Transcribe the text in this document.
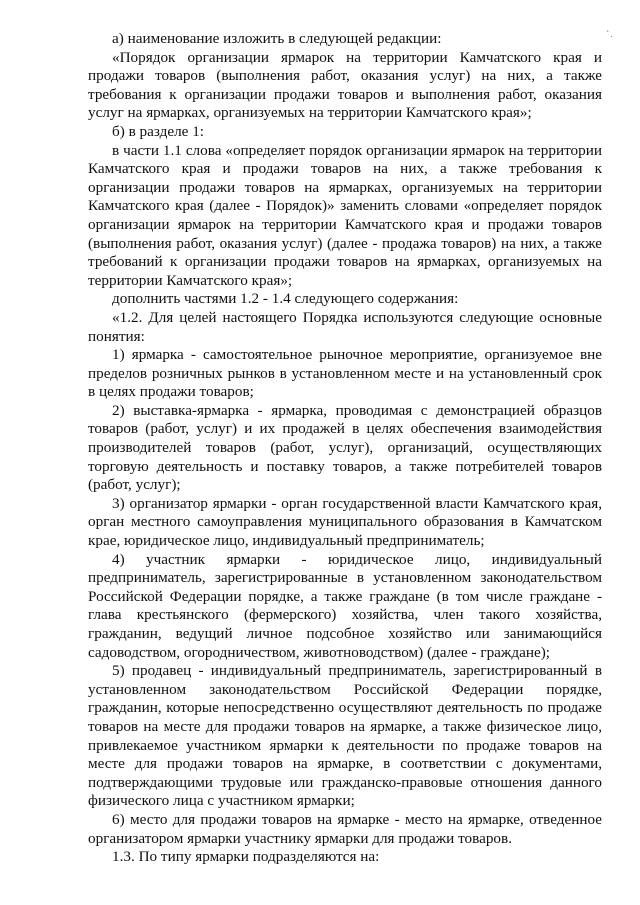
`.

а) наименование изложить в следующей редакции:

«Порядок организации ярмарок на территории Камчатского края и продажи товаров (выполнения работ, оказания услуг) на них, а также требования к организации продажи товаров и выполнения работ, оказания услуг на ярмарках, организуемых на территории Камчатского края»;

б) в разделе 1:

в части 1.1 слова «определяет порядок организации ярмарок на территории Камчатского края и продажи товаров на них, а также требования к организации продажи товаров на ярмарках, организуемых на территории Камчатского края (далее - Порядок)» заменить словами «определяет порядок организации ярмарок на территории Камчатского края и продажи товаров (выполнения работ, оказания услуг) (далее - продажа товаров) на них, а также требований к организации продажи товаров на ярмарках, организуемых на территории Камчатского края»;

дополнить частями 1.2 - 1.4 следующего содержания:

«1.2. Для целей настоящего Порядка используются следующие основные понятия:

1) ярмарка - самостоятельное рыночное мероприятие, организуемое вне пределов розничных рынков в установленном месте и на установленный срок в целях продажи товаров;

2) выставка-ярмарка - ярмарка, проводимая с демонстрацией образцов товаров (работ, услуг) и их продажей в целях обеспечения взаимодействия производителей товаров (работ, услуг), организаций, осуществляющих торговую деятельность и поставку товаров, а также потребителей товаров (работ, услуг);

3) организатор ярмарки - орган государственной власти Камчатского края, орган местного самоуправления муниципального образования в Камчатском крае, юридическое лицо, индивидуальный предприниматель;

4) участник ярмарки - юридическое лицо, индивидуальный предприниматель, зарегистрированные в установленном законодательством Российской Федерации порядке, а также граждане (в том числе граждане - глава крестьянского (фермерского) хозяйства, член такого хозяйства, гражданин, ведущий личное подсобное хозяйство или занимающийся садоводством, огородничеством, животноводством) (далее - граждане);

5) продавец - индивидуальный предприниматель, зарегистрированный в установленном законодательством Российской Федерации порядке, гражданин, которые непосредственно осуществляют деятельность по продаже товаров на месте для продажи товаров на ярмарке, а также физическое лицо, привлекаемое участником ярмарки к деятельности по продаже товаров на месте для продажи товаров на ярмарке, в соответствии с документами, подтверждающими трудовые или гражданско-правовые отношения данного физического лица с участником ярмарки;

6) место для продажи товаров на ярмарке - место на ярмарке, отведенное организатором ярмарки участнику ярмарки для продажи товаров.

1.3. По типу ярмарки подразделяются на:
